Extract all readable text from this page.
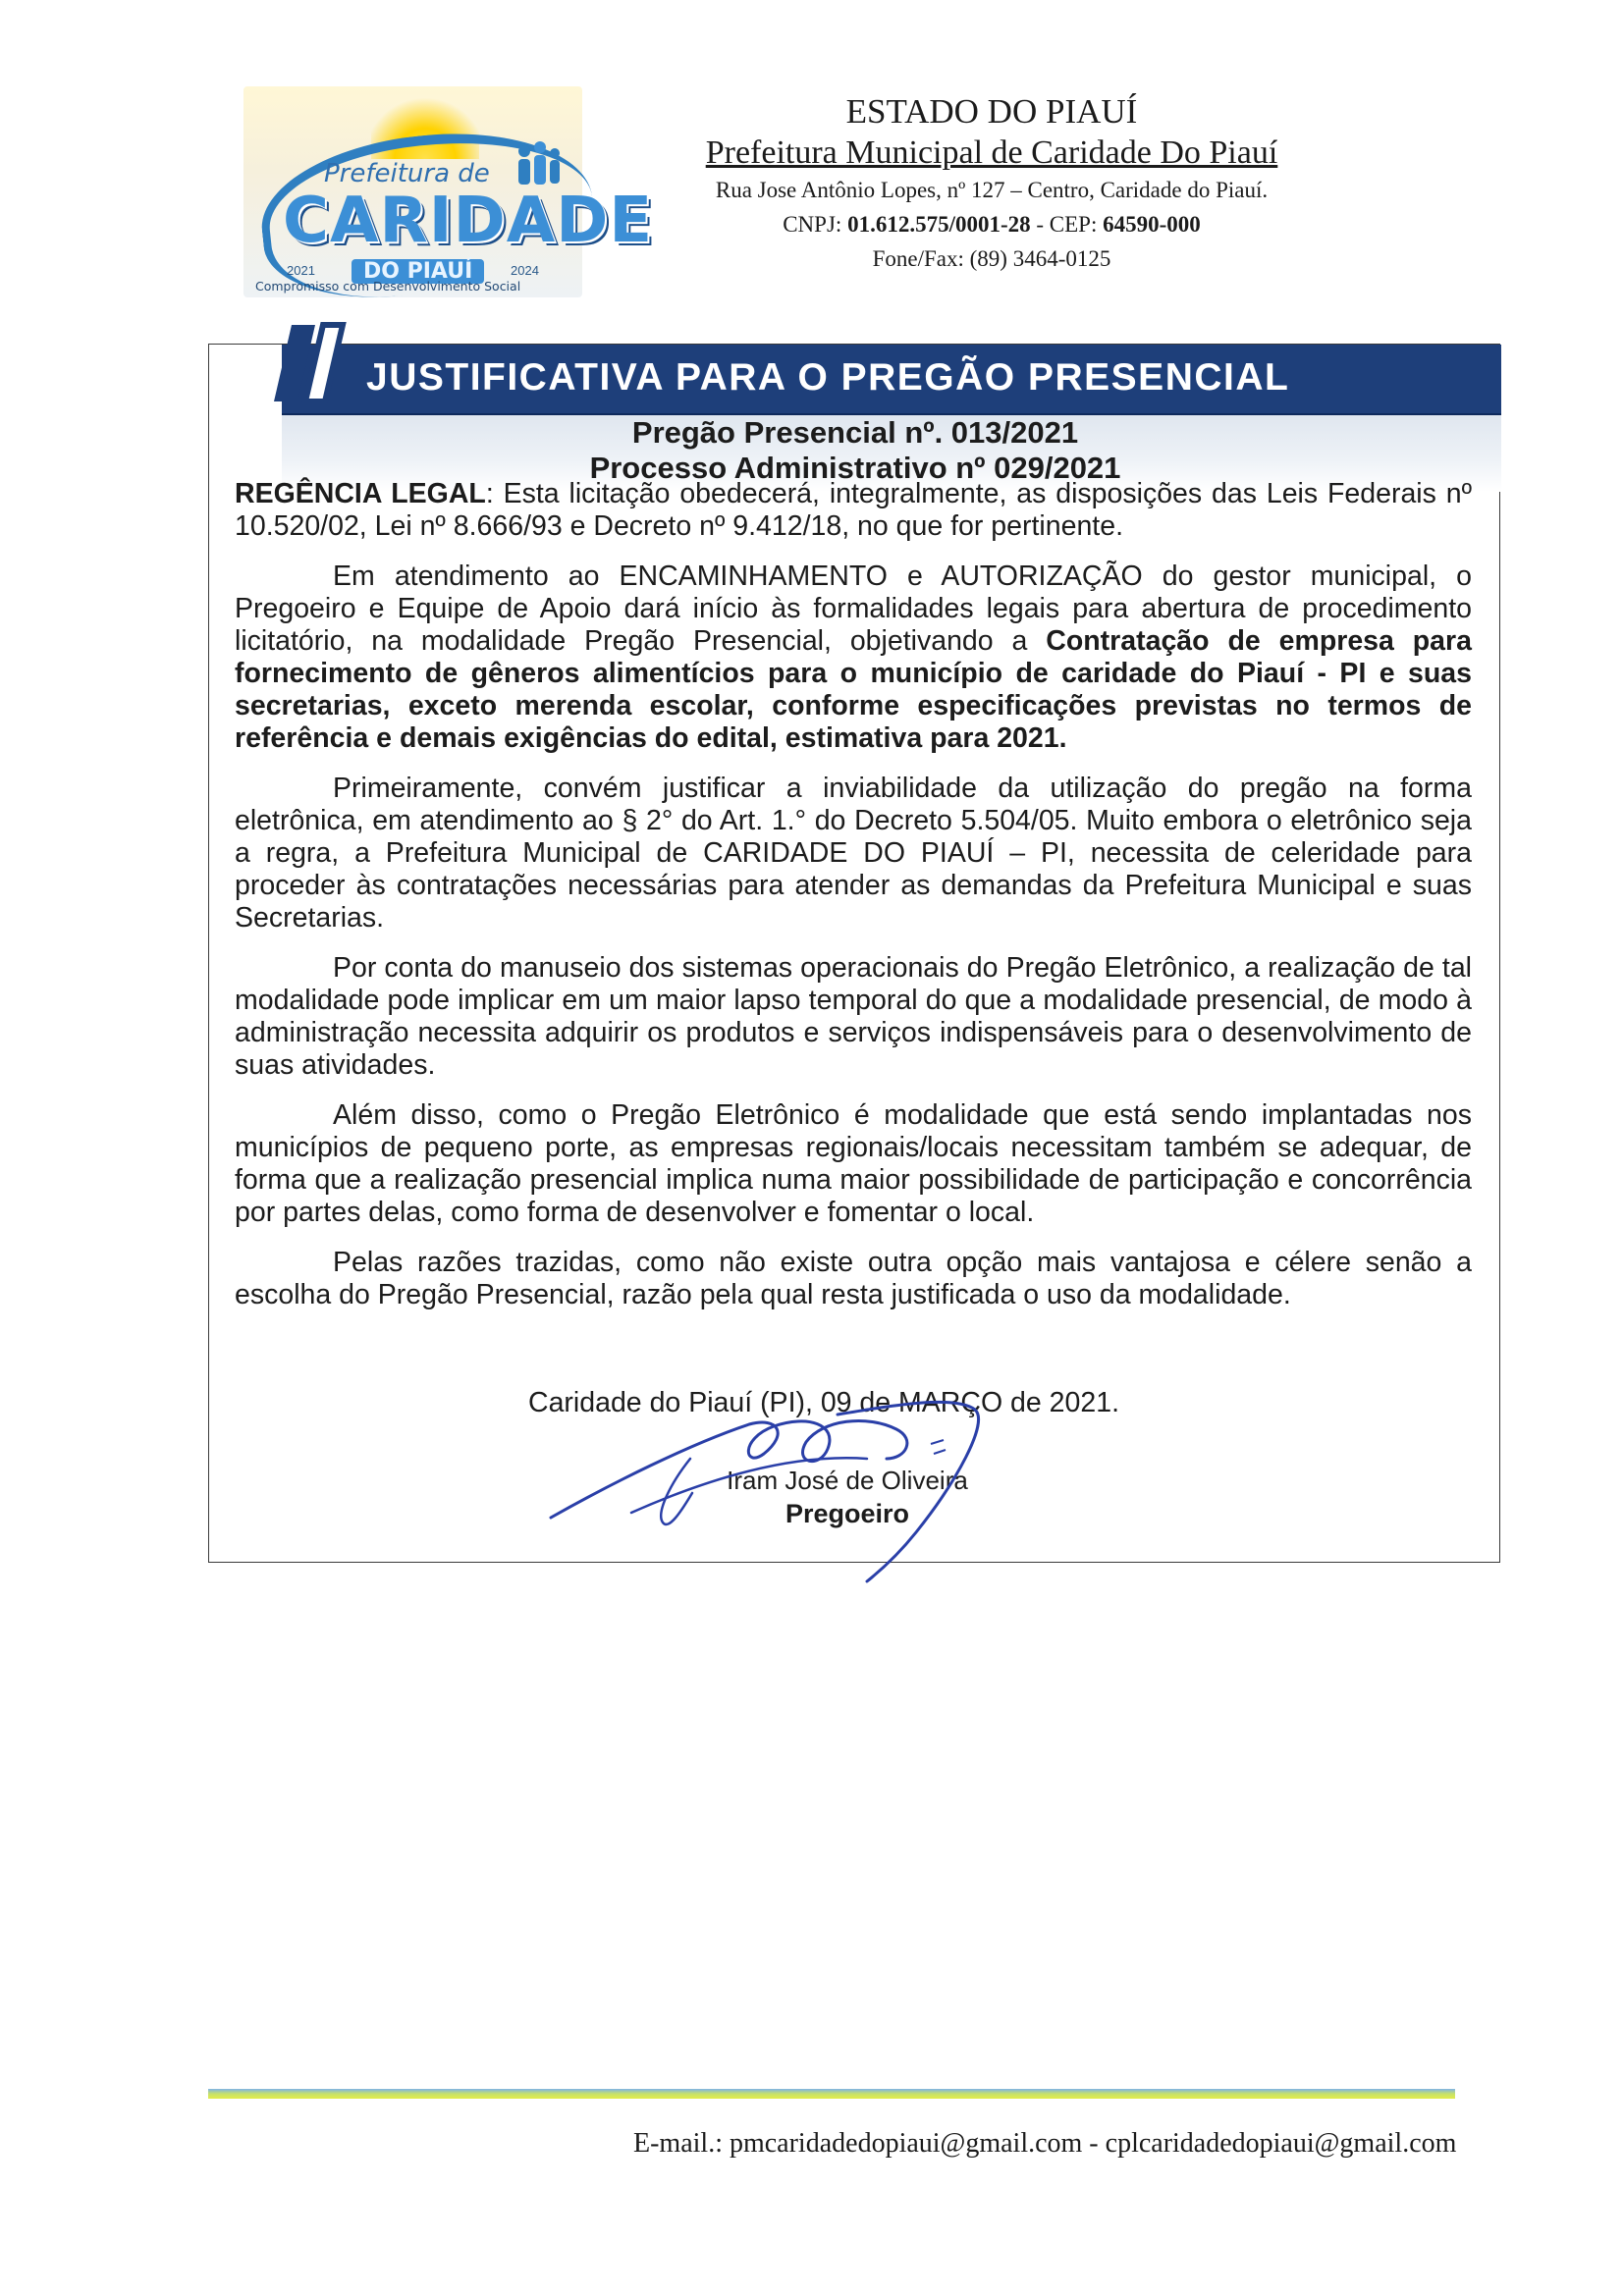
Prefeitura de
CARIDADE
2021	DO PIAUÍ	2024
Compromisso com Desenvolvimento Social
ESTADO DO PIAUÍ
Prefeitura Municipal de Caridade Do Piauí
Rua Jose Antônio Lopes, nº 127 – Centro, Caridade do Piauí.
CNPJ: 01.612.575/0001-28 - CEP: 64590-000
Fone/Fax: (89) 3464-0125
JUSTIFICATIVA PARA O PREGÃO PRESENCIAL
Pregão Presencial nº. 013/2021
Processo Administrativo nº 029/2021

REGÊNCIA LEGAL: Esta licitação obedecerá, integralmente, as disposições das Leis Federais nº 10.520/02, Lei nº 8.666/93 e Decreto nº 9.412/18, no que for pertinente.

Em atendimento ao ENCAMINHAMENTO e AUTORIZAÇÃO do gestor municipal, o Pregoeiro e Equipe de Apoio dará início às formalidades legais para abertura de procedimento licitatório, na modalidade Pregão Presencial, objetivando a Contratação de empresa para fornecimento de gêneros alimentícios para o município de caridade do Piauí - PI e suas secretarias, exceto merenda escolar, conforme especificações previstas no termos de referência e demais exigências do edital, estimativa para 2021.

Primeiramente, convém justificar a inviabilidade da utilização do pregão na forma eletrônica, em atendimento ao § 2° do Art. 1.° do Decreto 5.504/05. Muito embora o eletrônico seja a regra, a Prefeitura Municipal de CARIDADE DO PIAUÍ – PI, necessita de celeridade para proceder às contratações necessárias para atender as demandas da Prefeitura Municipal e suas Secretarias.

Por conta do manuseio dos sistemas operacionais do Pregão Eletrônico, a realização de tal modalidade pode implicar em um maior lapso temporal do que a modalidade presencial, de modo à administração necessita adquirir os produtos e serviços indispensáveis para o desenvolvimento de suas atividades.

Além disso, como o Pregão Eletrônico é modalidade que está sendo implantadas nos municípios de pequeno porte, as empresas regionais/locais necessitam também se adequar, de forma que a realização presencial implica numa maior possibilidade de participação e concorrência por partes delas, como forma de desenvolver e fomentar o local.

Pelas razões trazidas, como não existe outra opção mais vantajosa e célere senão a escolha do Pregão Presencial, razão pela qual resta justificada o uso da modalidade.

Caridade do Piauí (PI), 09 de MARÇO de 2021.
Iram José de Oliveira
Pregoeiro
E-mail.: pmcaridadedopiaui@gmail.com - cplcaridadedopiaui@gmail.com
